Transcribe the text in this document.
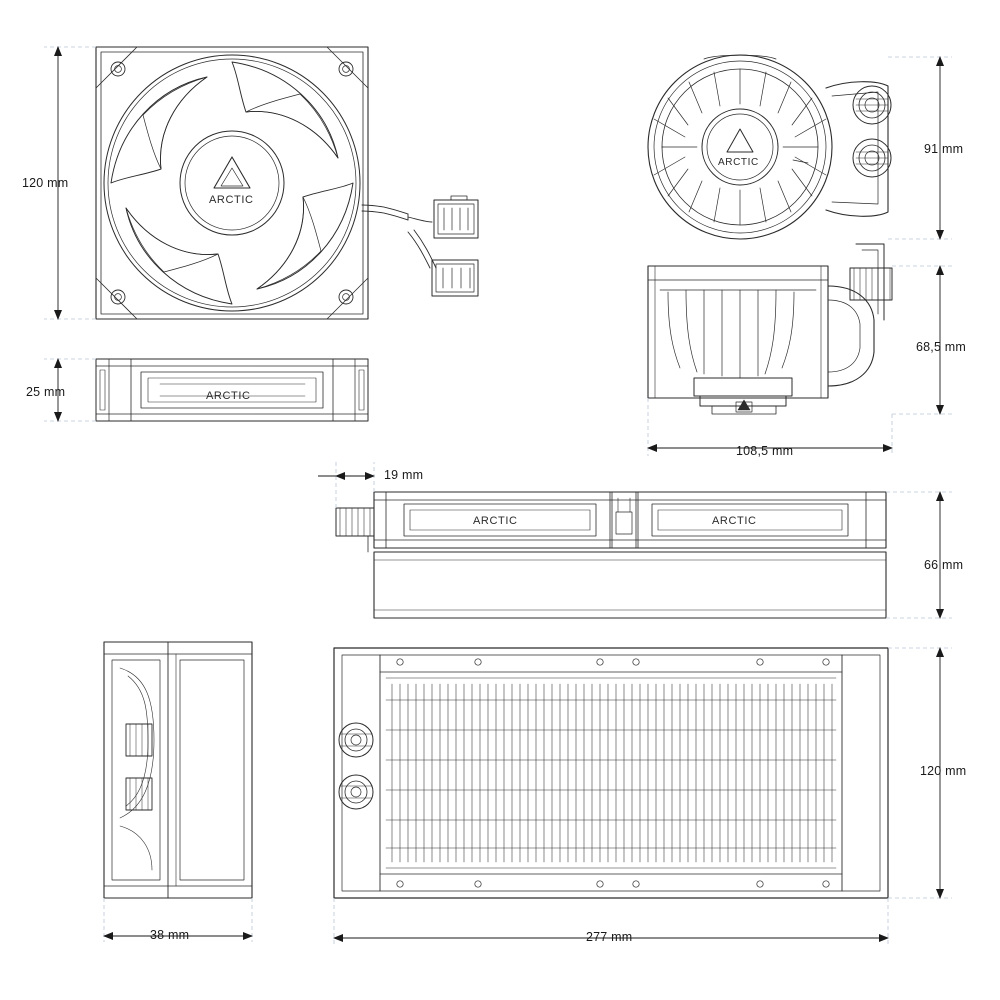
120 mm
25 mm
91 mm
68,5 mm
108,5 mm
19 mm
66 mm
120 mm
38 mm	277 mm
ARCTIC
ARCTIC
ARCTIC
ARCTIC	ARCTIC
